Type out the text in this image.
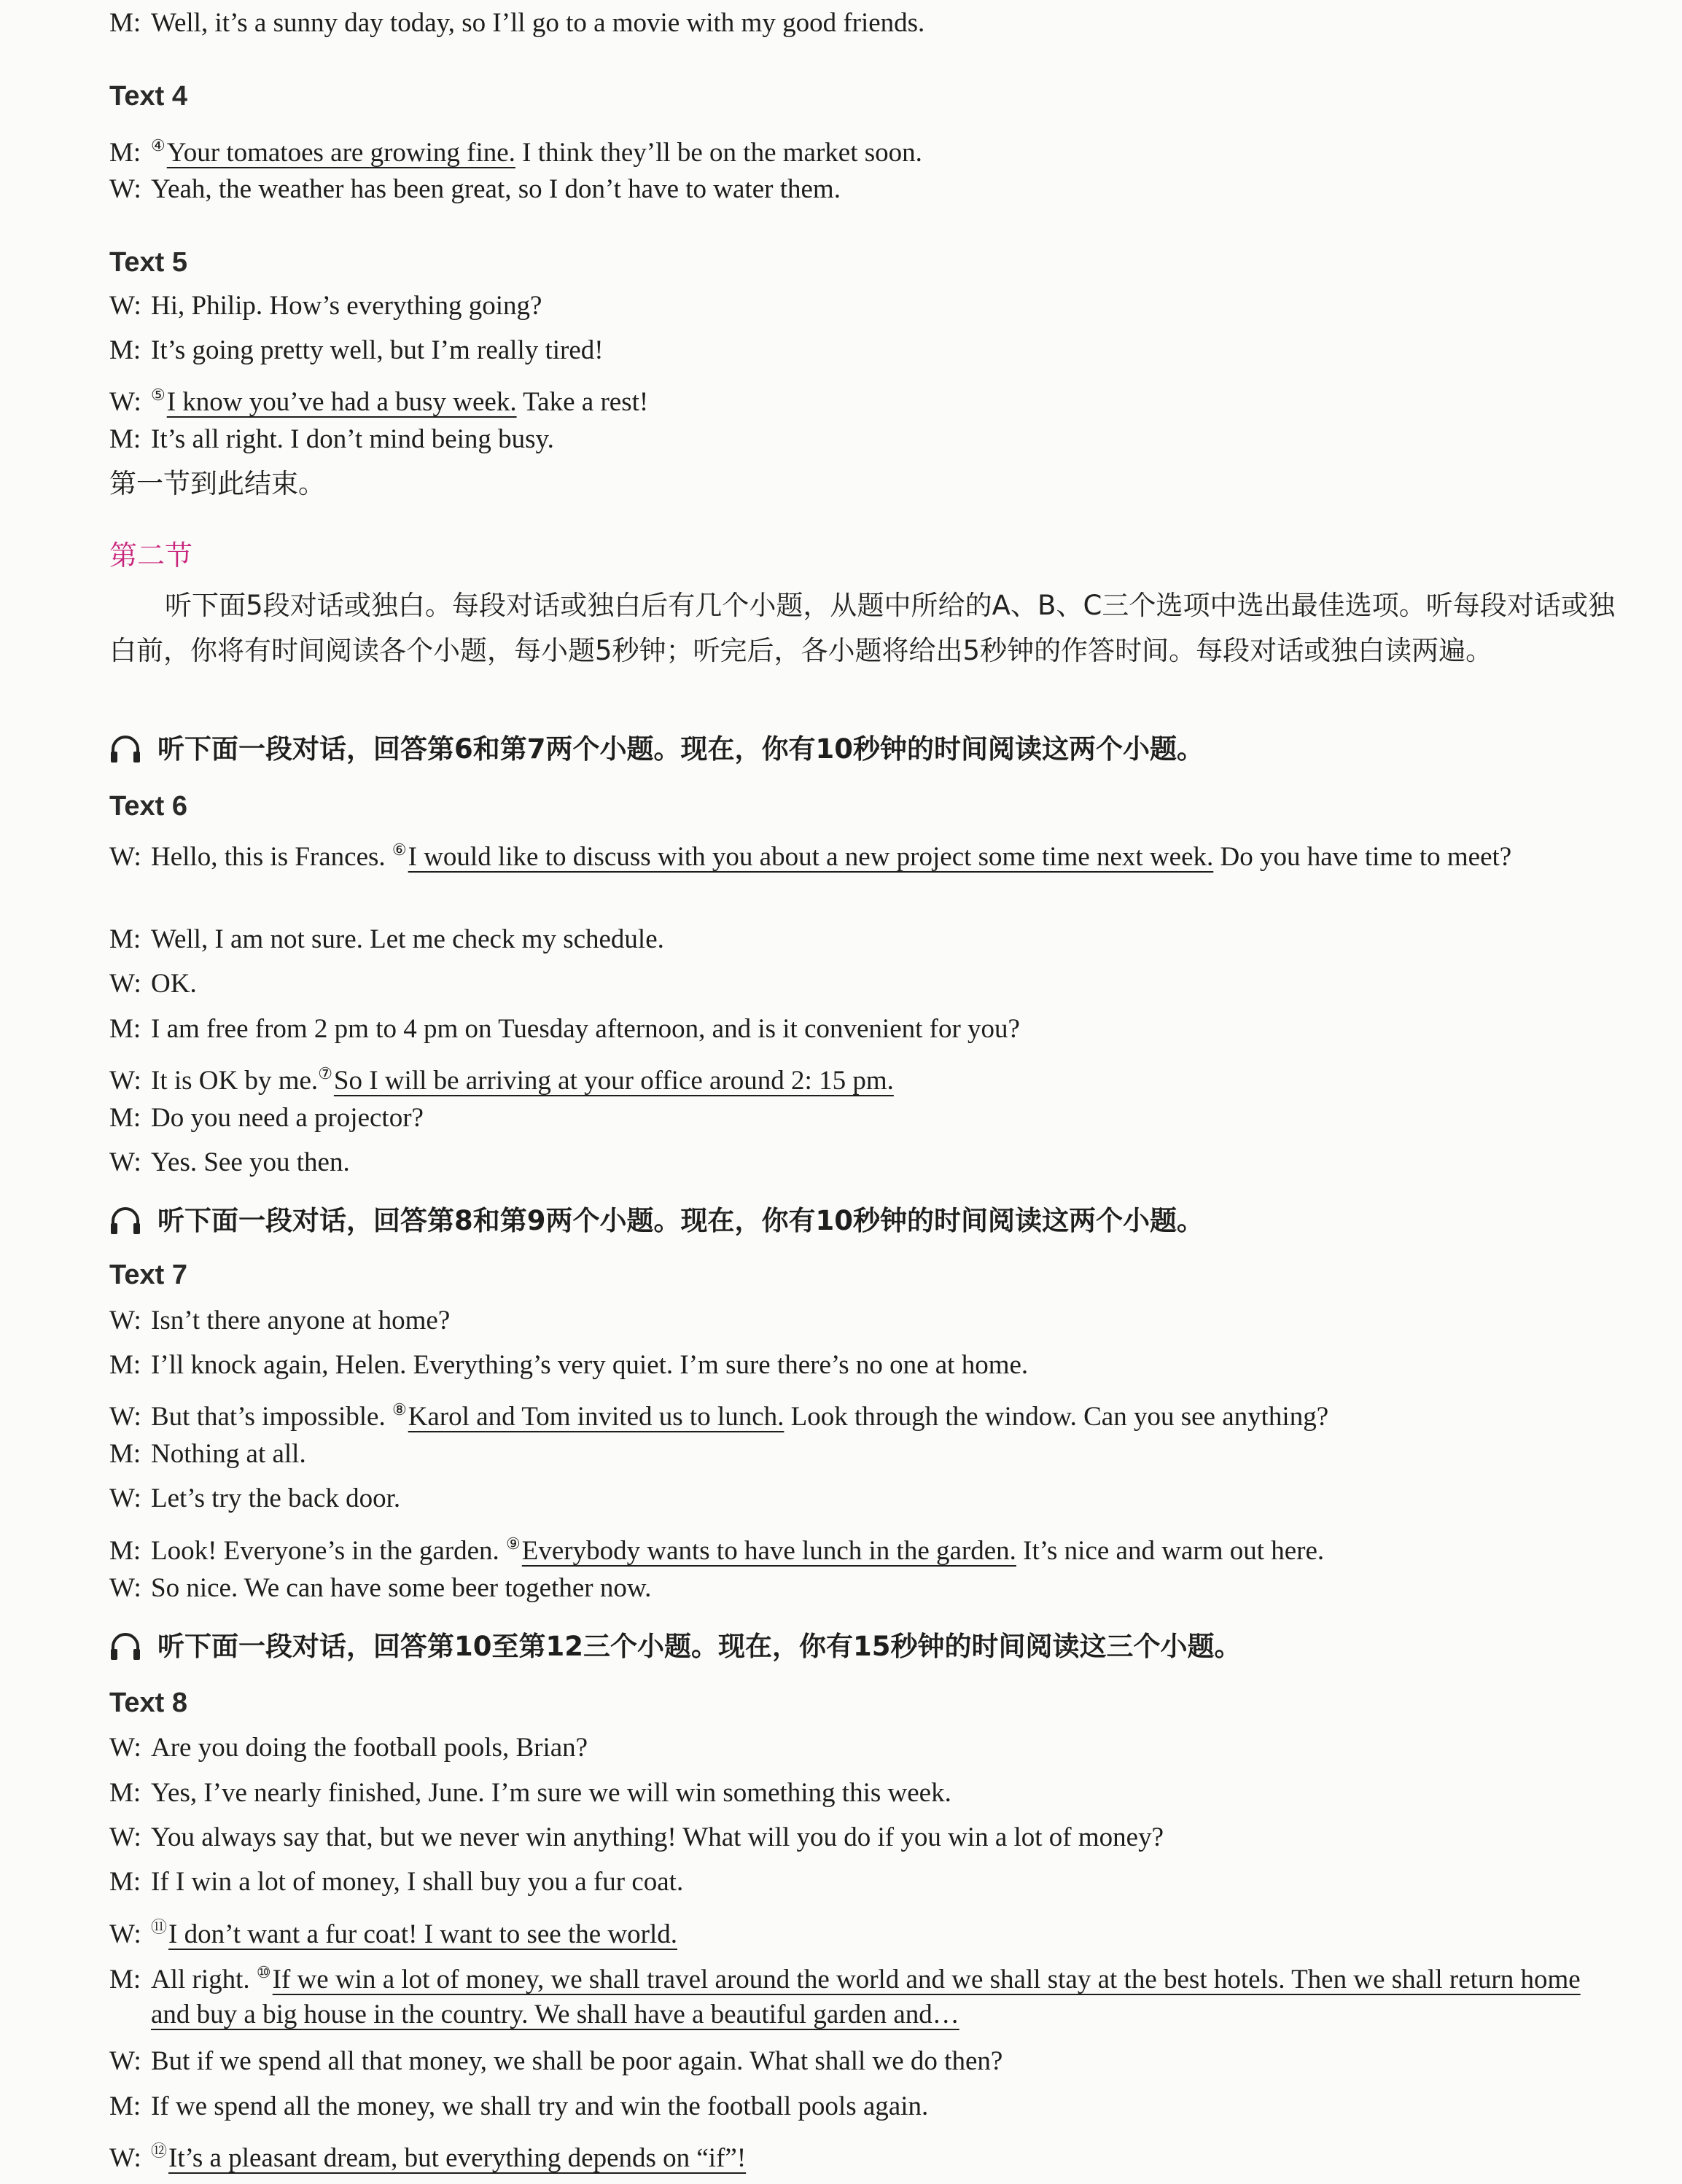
M: Well, it’s a sunny day today, so I’ll go to a movie with my good friends.
Text 4
M: ④Your tomatoes are growing fine. I think they’ll be on the market soon.
W: Yeah, the weather has been great, so I don’t have to water them.
Text 5
W: Hi, Philip. How’s everything going?
M: It’s going pretty well, but I’m really tired!
W: ⑤I know you’ve had a busy week. Take a rest!
M: It’s all right. I don’t mind being busy.
第一节到此结束。
第二节
听下面5段对话或独白。每段对话或独白后有几个小题，从题中所给的A、B、C三个选项中选出最佳选项。听每段对话或独白前，你将有时间阅读各个小题，每小题5秒钟；听完后，各小题将给出5秒钟的作答时间。每段对话或独白读两遍。
听下面一段对话，回答第6和第7两个小题。现在，你有10秒钟的时间阅读这两个小题。
Text 6
W: Hello, this is Frances. ⑥I would like to discuss with you about a new project some time next week. Do you have time to meet?
M: Well, I am not sure. Let me check my schedule.
W: OK.
M: I am free from 2 pm to 4 pm on Tuesday afternoon, and is it convenient for you?
W: It is OK by me.⑦So I will be arriving at your office around 2: 15 pm.
M: Do you need a projector?
W: Yes. See you then.
听下面一段对话，回答第8和第9两个小题。现在，你有10秒钟的时间阅读这两个小题。
Text 7
W: Isn’t there anyone at home?
M: I’ll knock again, Helen. Everything’s very quiet. I’m sure there’s no one at home.
W: But that’s impossible. ⑧Karol and Tom invited us to lunch. Look through the window. Can you see anything?
M: Nothing at all.
W: Let’s try the back door.
M: Look! Everyone’s in the garden. ⑨Everybody wants to have lunch in the garden. It’s nice and warm out here.
W: So nice. We can have some beer together now.
听下面一段对话，回答第10至第12三个小题。现在，你有15秒钟的时间阅读这三个小题。
Text 8
W: Are you doing the football pools, Brian?
M: Yes, I’ve nearly finished, June. I’m sure we will win something this week.
W: You always say that, but we never win anything! What will you do if you win a lot of money?
M: If I win a lot of money, I shall buy you a fur coat.
W: ⑪I don’t want a fur coat! I want to see the world.
M: All right. ⑩If we win a lot of money, we shall travel around the world and we shall stay at the best hotels. Then we shall return home and buy a big house in the country. We shall have a beautiful garden and…
W: But if we spend all that money, we shall be poor again. What shall we do then?
M: If we spend all the money, we shall try and win the football pools again.
W: ⑫It’s a pleasant dream, but everything depends on “if”!
